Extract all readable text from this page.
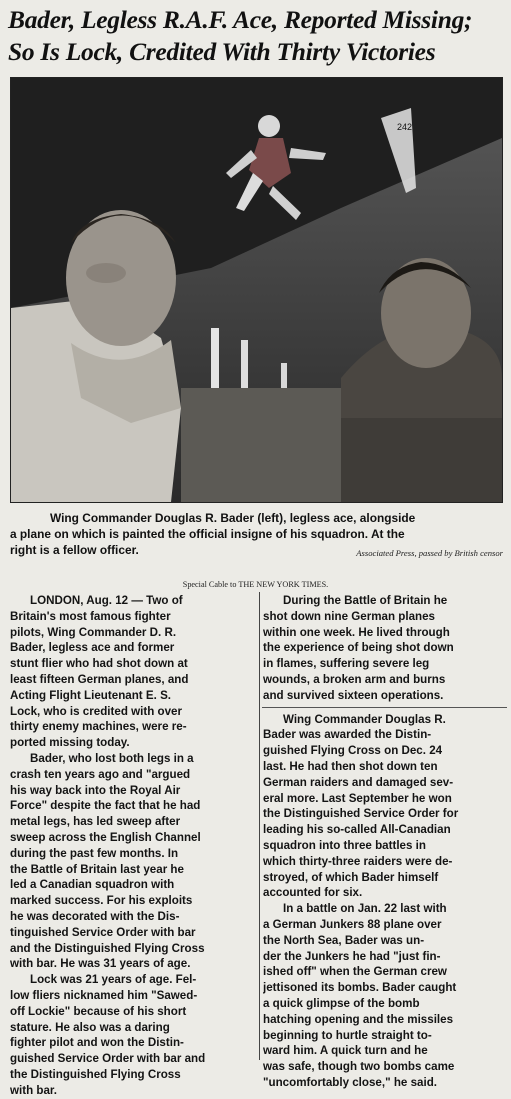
Bader, Legless R.A.F. Ace, Reported Missing;
So Is Lock, Credited With Thirty Victories
242
Wing Commander Douglas R. Bader (left), legless ace, alongside
a plane on which is painted the official insigne of his squadron. At the
right is a fellow officer.	Associated Press, passed by British censor
Special Cable to THE NEW YORK TIMES.
LONDON, Aug. 12 — Two of
Britain's most famous fighter
pilots, Wing Commander D. R.
Bader, legless ace and former
stunt flier who had shot down at
least fifteen German planes, and
Acting Flight Lieutenant E. S.
Lock, who is credited with over
thirty enemy machines, were re-
ported missing today.
Bader, who lost both legs in a
crash ten years ago and "argued
his way back into the Royal Air
Force" despite the fact that he had
metal legs, has led sweep after
sweep across the English Channel
during the past few months. In
the Battle of Britain last year he
led a Canadian squadron with
marked success. For his exploits
he was decorated with the Dis-
tinguished Service Order with bar
and the Distinguished Flying Cross
with bar. He was 31 years of age.
Lock was 21 years of age. Fel-
low fliers nicknamed him "Sawed-
off Lockie" because of his short
stature. He also was a daring
fighter pilot and won the Distin-
guished Service Order with bar and
the Distinguished Flying Cross
with bar.
During the Battle of Britain he
shot down nine German planes
within one week. He lived through
the experience of being shot down
in flames, suffering severe leg
wounds, a broken arm and burns
and survived sixteen operations.
Wing Commander Douglas R.
Bader was awarded the Distin-
guished Flying Cross on Dec. 24
last. He had then shot down ten
German raiders and damaged sev-
eral more. Last September he won
the Distinguished Service Order for
leading his so-called All-Canadian
squadron into three battles in
which thirty-three raiders were de-
stroyed, of which Bader himself
accounted for six.
In a battle on Jan. 22 last with
a German Junkers 88 plane over
the North Sea, Bader was un-
der the Junkers he had "just fin-
ished off" when the German crew
jettisoned its bombs. Bader caught
a quick glimpse of the bomb
hatching opening and the missiles
beginning to hurtle straight to-
ward him. A quick turn and he
was safe, though two bombs came
"uncomfortably close," he said.
